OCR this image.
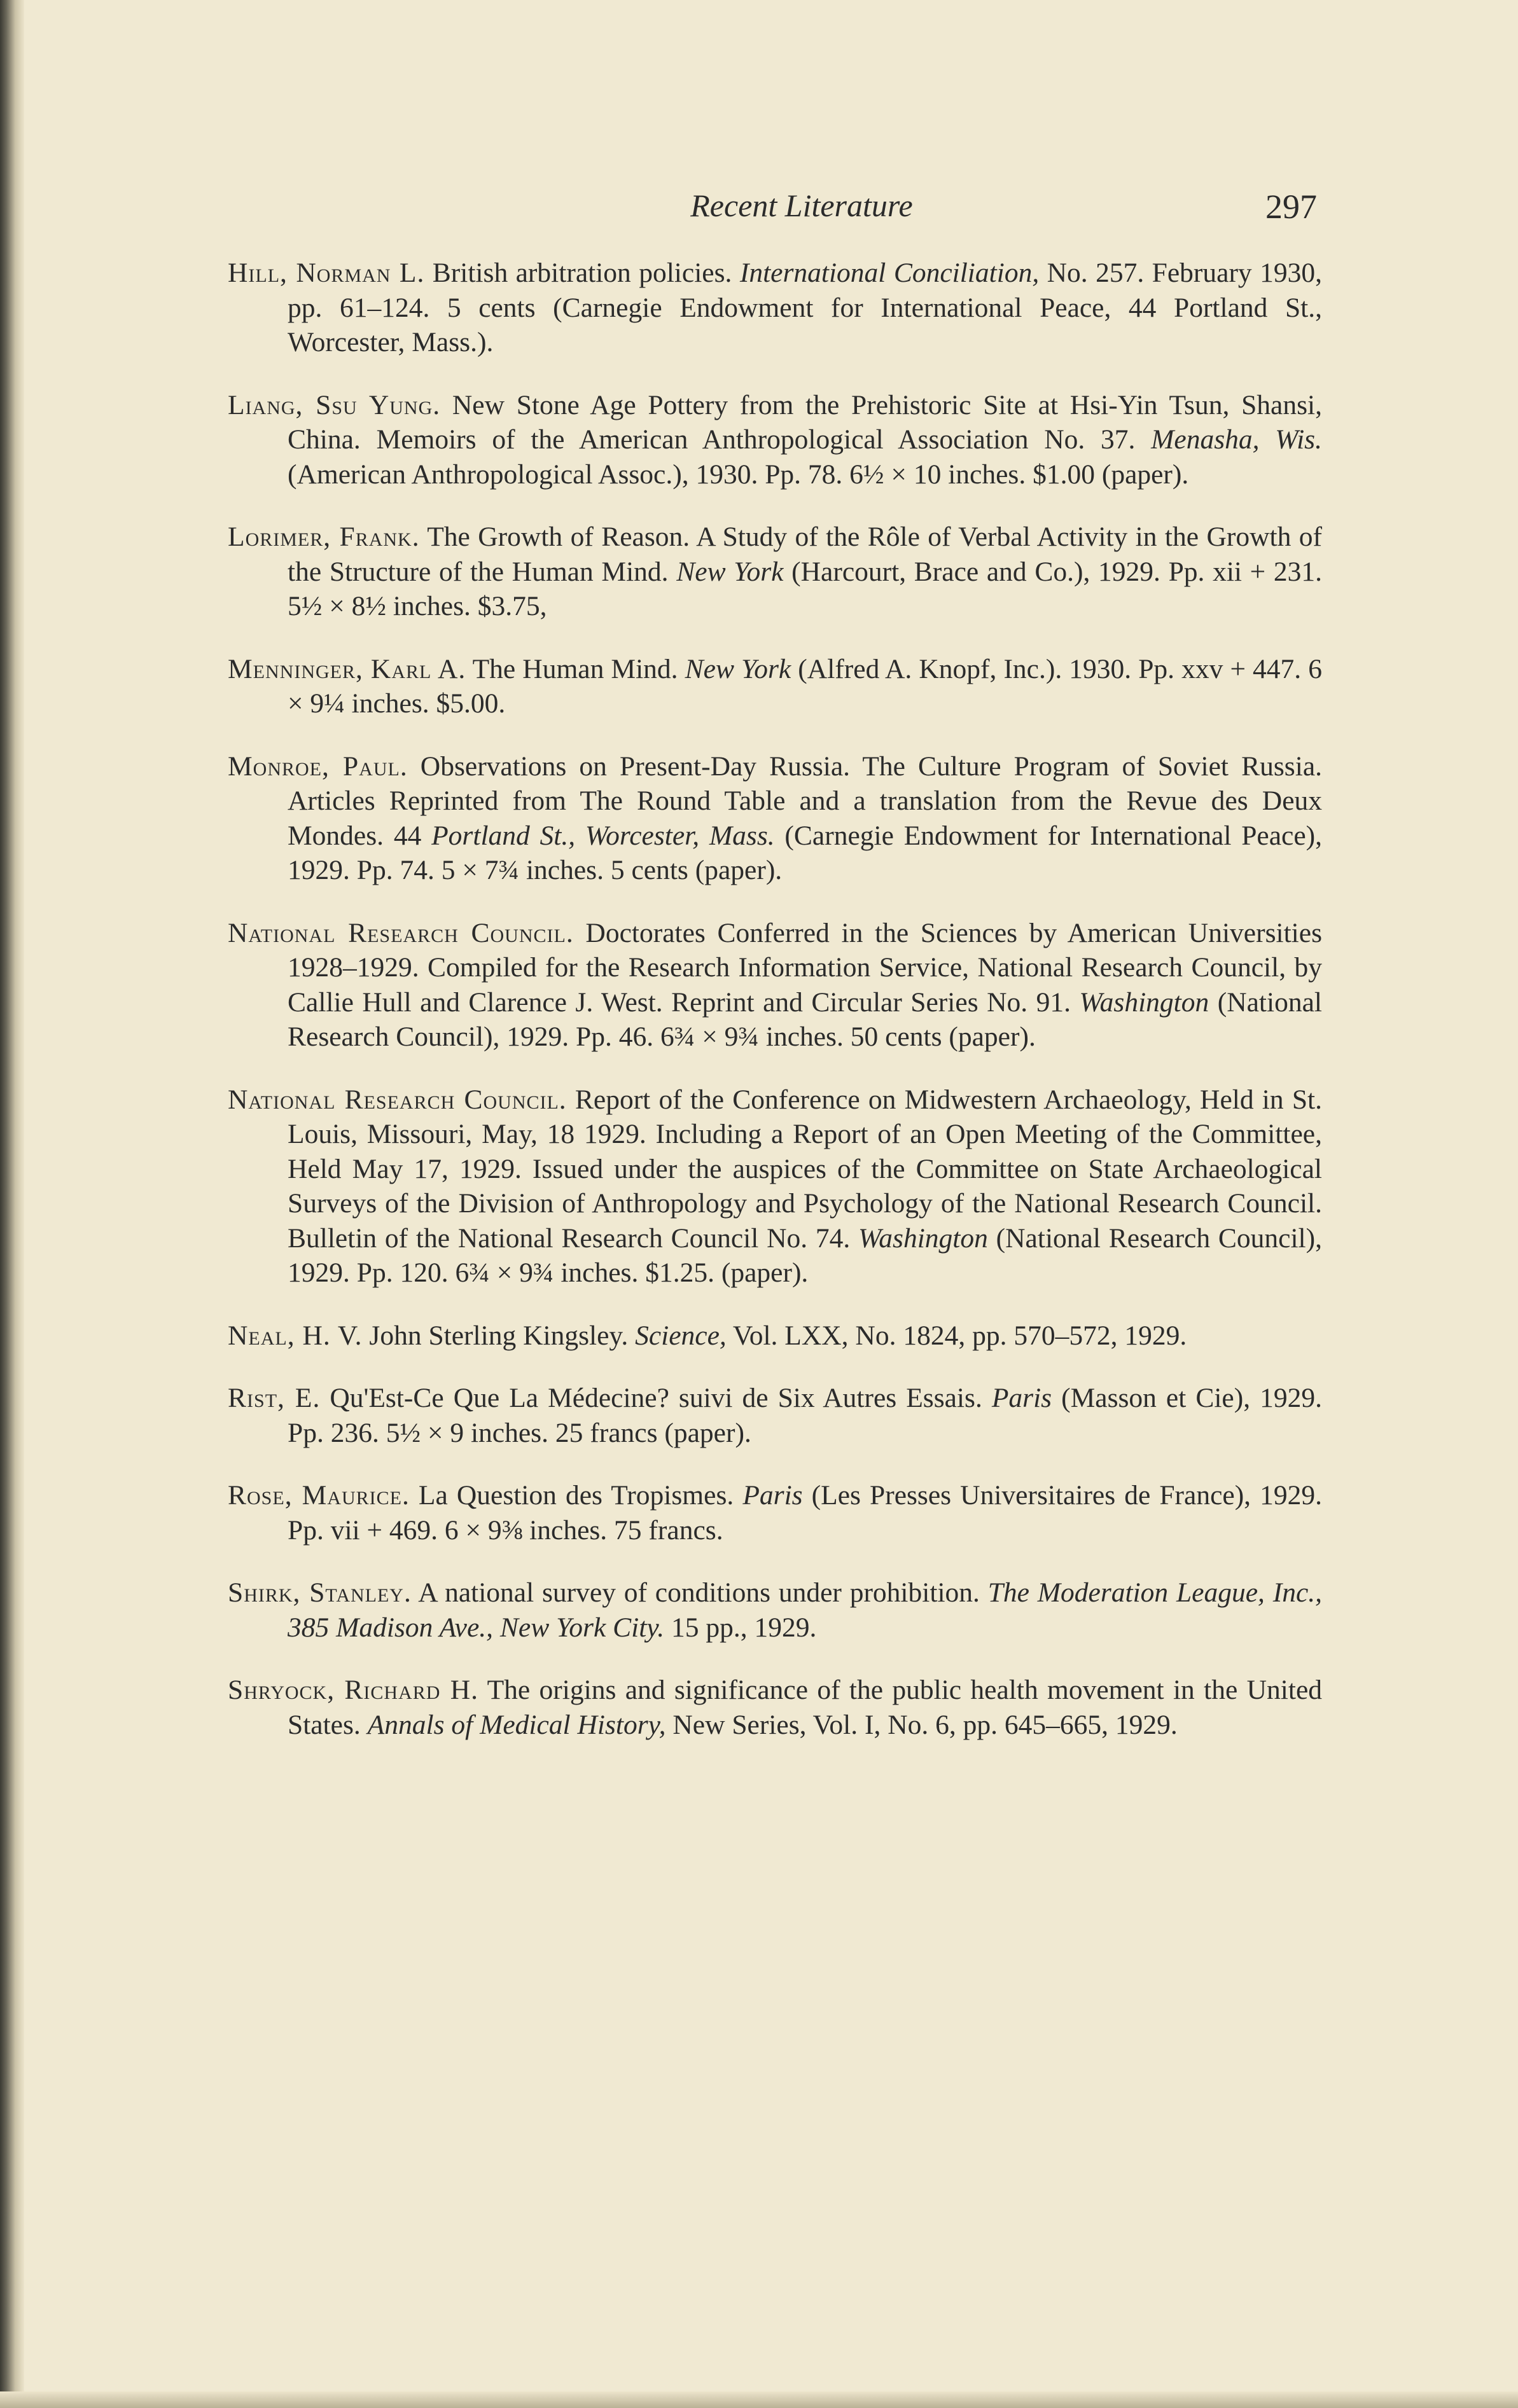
Recent Literature	297

Hill, Norman L. British arbitration policies. International Conciliation, No. 257. February 1930, pp. 61–124. 5 cents (Carnegie Endowment for International Peace, 44 Portland St., Worcester, Mass.).

Liang, Ssu Yung. New Stone Age Pottery from the Prehistoric Site at Hsi-Yin Tsun, Shansi, China. Memoirs of the American Anthropological Association No. 37. Menasha, Wis. (American Anthropological Assoc.), 1930. Pp. 78. 6½ × 10 inches. $1.00 (paper).

Lorimer, Frank. The Growth of Reason. A Study of the Rôle of Verbal Activity in the Growth of the Structure of the Human Mind. New York (Harcourt, Brace and Co.), 1929. Pp. xii + 231. 5½ × 8½ inches. $3.75,

Menninger, Karl A. The Human Mind. New York (Alfred A. Knopf, Inc.). 1930. Pp. xxv + 447. 6 × 9¼ inches. $5.00.

Monroe, Paul. Observations on Present-Day Russia. The Culture Program of Soviet Russia. Articles Reprinted from The Round Table and a translation from the Revue des Deux Mondes. 44 Portland St., Worcester, Mass. (Carnegie Endowment for International Peace), 1929. Pp. 74. 5 × 7¾ inches. 5 cents (paper).

National Research Council. Doctorates Conferred in the Sciences by American Universities 1928–1929. Compiled for the Research Information Service, National Research Council, by Callie Hull and Clarence J. West. Reprint and Circular Series No. 91. Washington (National Research Council), 1929. Pp. 46. 6¾ × 9¾ inches. 50 cents (paper).

National Research Council. Report of the Conference on Midwestern Archaeology, Held in St. Louis, Missouri, May, 18 1929. Including a Report of an Open Meeting of the Committee, Held May 17, 1929. Issued under the auspices of the Committee on State Archaeological Surveys of the Division of Anthropology and Psychology of the National Research Council. Bulletin of the National Research Council No. 74. Washington (National Research Council), 1929. Pp. 120. 6¾ × 9¾ inches. $1.25. (paper).

Neal, H. V. John Sterling Kingsley. Science, Vol. LXX, No. 1824, pp. 570–572, 1929.

Rist, E. Qu'Est-Ce Que La Médecine? suivi de Six Autres Essais. Paris (Masson et Cie), 1929. Pp. 236. 5½ × 9 inches. 25 francs (paper).

Rose, Maurice. La Question des Tropismes. Paris (Les Presses Universitaires de France), 1929. Pp. vii + 469. 6 × 9⅜ inches. 75 francs.

Shirk, Stanley. A national survey of conditions under prohibition. The Moderation League, Inc., 385 Madison Ave., New York City. 15 pp., 1929.

Shryock, Richard H. The origins and significance of the public health movement in the United States. Annals of Medical History, New Series, Vol. I, No. 6, pp. 645–665, 1929.
